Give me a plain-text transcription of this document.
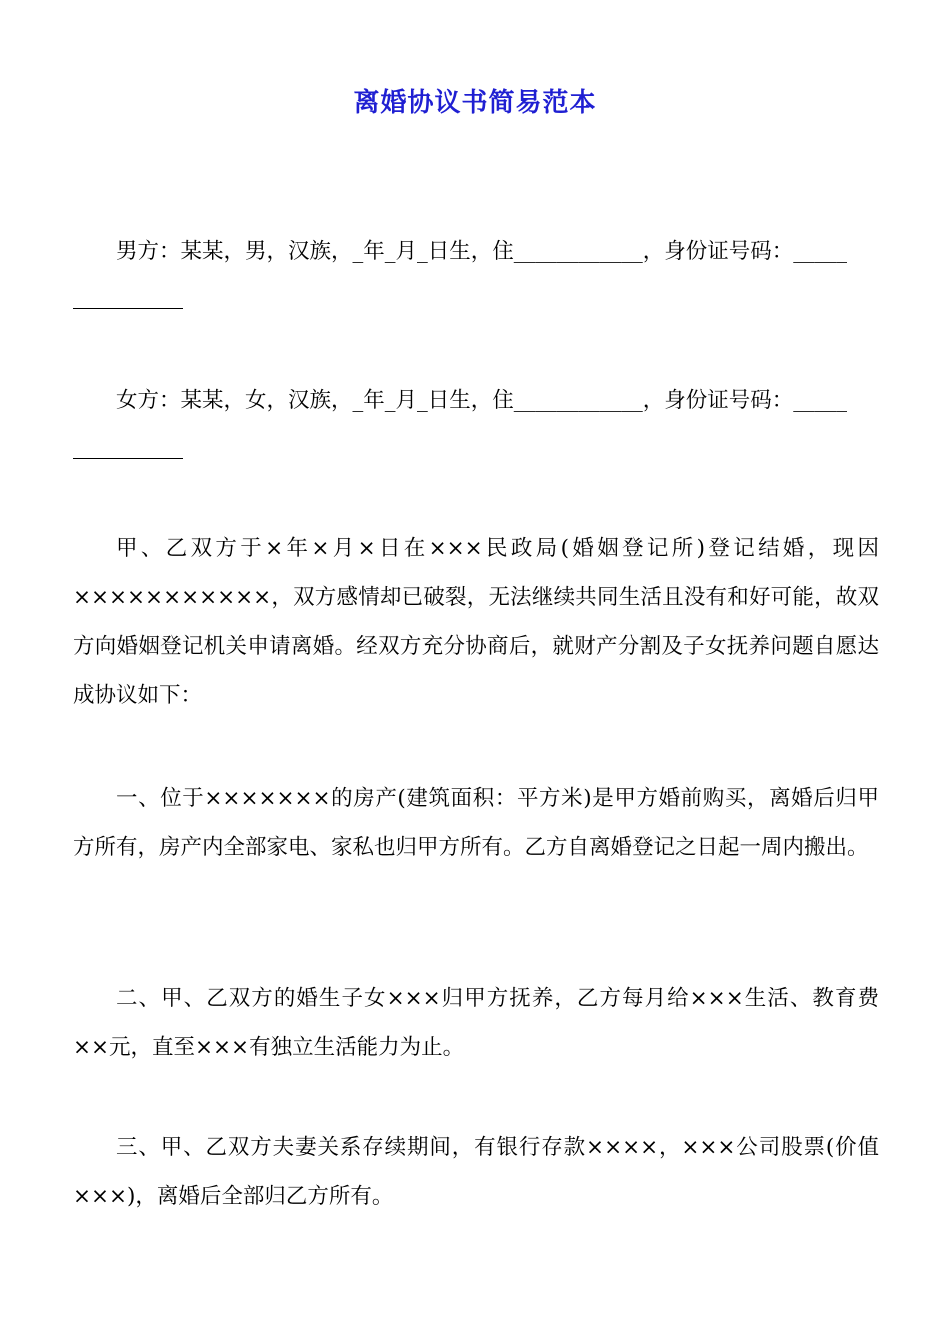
离婚协议书简易范本

男方：某某，男，汉族，_年_月_日生，住____________，身份证号码：_____

女方：某某，女，汉族，_年_月_日生，住____________，身份证号码：_____

甲、乙双方于×年×月×日在×××民政局(婚姻登记所)登记结婚，现因×××××××××××，双方感情却已破裂，无法继续共同生活且没有和好可能，故双方向婚姻登记机关申请离婚。经双方充分协商后，就财产分割及子女抚养问题自愿达成协议如下：

一、位于×××××××的房产(建筑面积：平方米)是甲方婚前购买，离婚后归甲方所有，房产内全部家电、家私也归甲方所有。乙方自离婚登记之日起一周内搬出。

二、甲、乙双方的婚生子女×××归甲方抚养，乙方每月给×××生活、教育费××元，直至×××有独立生活能力为止。

三、甲、乙双方夫妻关系存续期间，有银行存款××××，×××公司股票(价值×××)，离婚后全部归乙方所有。
